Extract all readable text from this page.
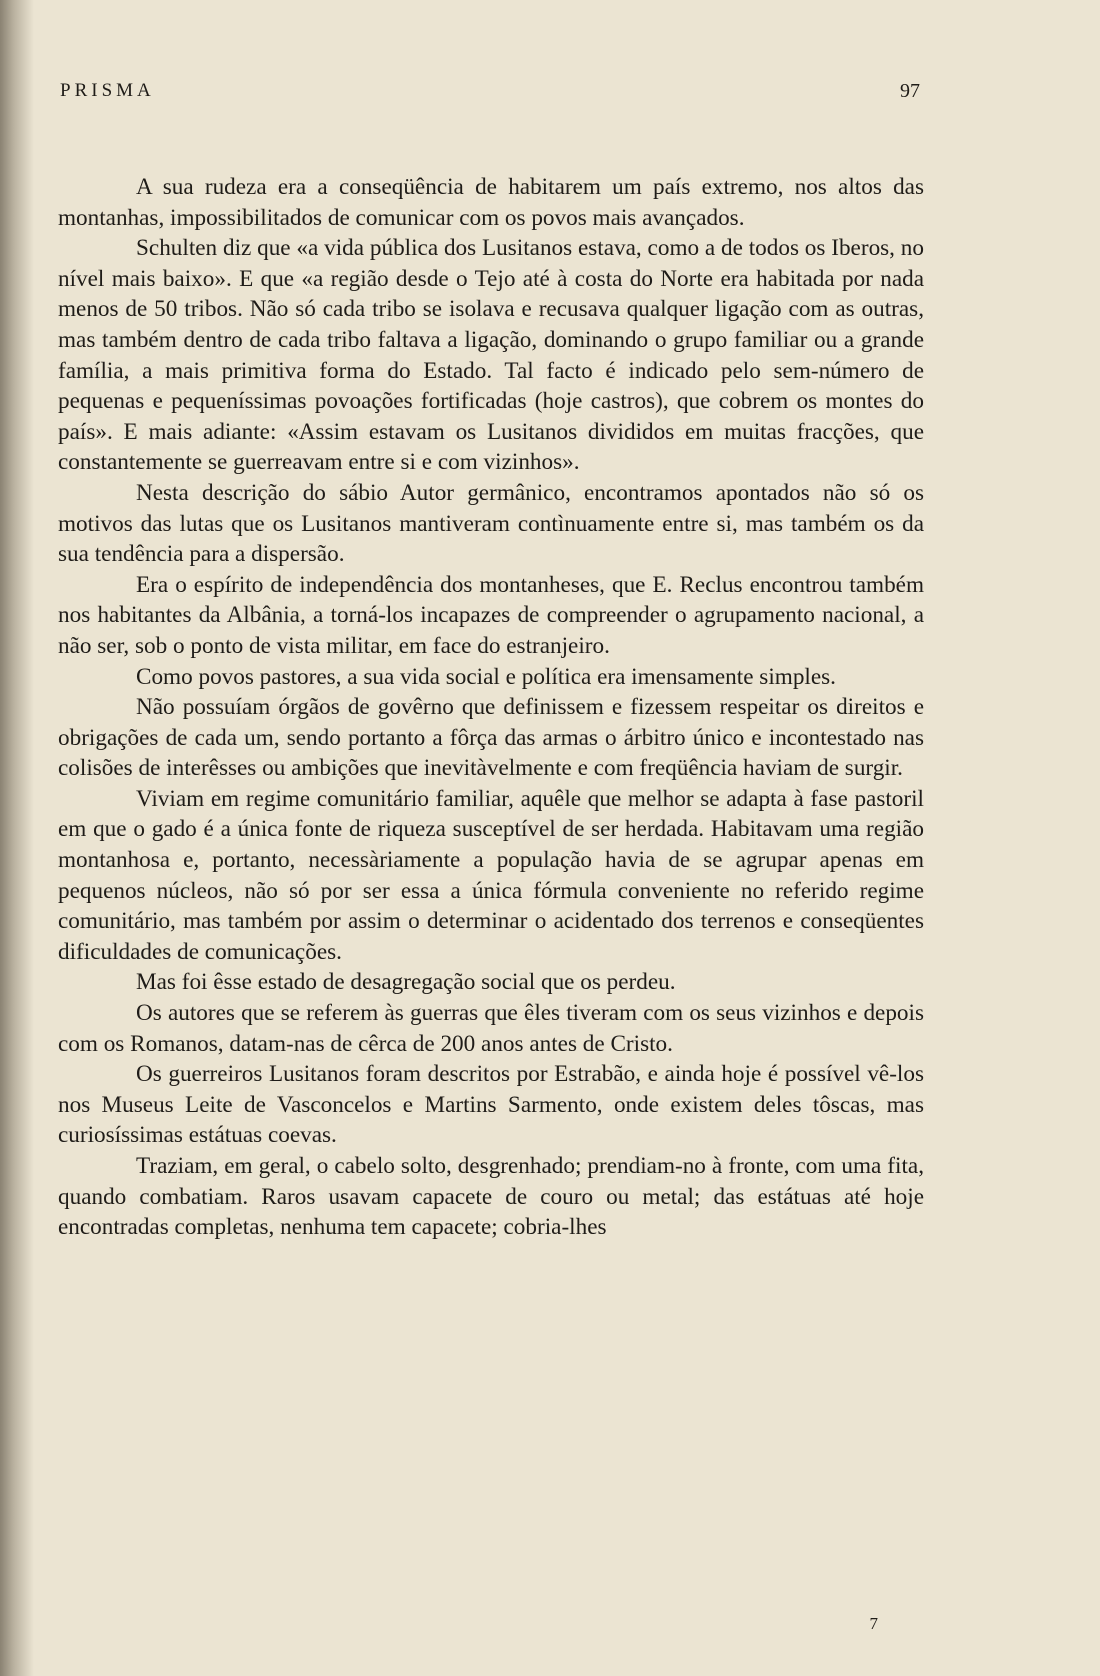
PRISMA	97

A sua rudeza era a conseqüência de habitarem um país extremo, nos altos das montanhas, impossibilitados de comunicar com os povos mais avançados.

Schulten diz que «a vida pública dos Lusitanos estava, como a de todos os Iberos, no nível mais baixo». E que «a região desde o Tejo até à costa do Norte era habitada por nada menos de 50 tribos. Não só cada tribo se isolava e recusava qualquer ligação com as outras, mas também dentro de cada tribo faltava a ligação, dominando o grupo familiar ou a grande família, a mais primitiva forma do Estado. Tal facto é indicado pelo sem-número de pequenas e pequeníssimas povoações fortificadas (hoje castros), que cobrem os montes do país». E mais adiante: «Assim estavam os Lusitanos divididos em muitas fracções, que constantemente se guerreavam entre si e com vizinhos».

Nesta descrição do sábio Autor germânico, encontramos apontados não só os motivos das lutas que os Lusitanos mantiveram contìnuamente entre si, mas também os da sua tendência para a dispersão.

Era o espírito de independência dos montanheses, que E. Reclus encontrou também nos habitantes da Albânia, a torná-los incapazes de compreender o agrupamento nacional, a não ser, sob o ponto de vista militar, em face do estranjeiro.

Como povos pastores, a sua vida social e política era imensamente simples.

Não possuíam órgãos de govêrno que definissem e fizessem respeitar os direitos e obrigações de cada um, sendo portanto a fôrça das armas o árbitro único e incontestado nas colisões de interêsses ou ambições que inevitàvelmente e com freqüência haviam de surgir.

Viviam em regime comunitário familiar, aquêle que melhor se adapta à fase pastoril em que o gado é a única fonte de riqueza susceptível de ser herdada. Habitavam uma região montanhosa e, portanto, necessàriamente a população havia de se agrupar apenas em pequenos núcleos, não só por ser essa a única fórmula conveniente no referido regime comunitário, mas também por assim o determinar o acidentado dos terrenos e conseqüentes dificuldades de comunicações.

Mas foi êsse estado de desagregação social que os perdeu.

Os autores que se referem às guerras que êles tiveram com os seus vizinhos e depois com os Romanos, datam-nas de cêrca de 200 anos antes de Cristo.

Os guerreiros Lusitanos foram descritos por Estrabão, e ainda hoje é possível vê-los nos Museus Leite de Vasconcelos e Martins Sarmento, onde existem deles tôscas, mas curiosíssimas estátuas coevas.

Traziam, em geral, o cabelo solto, desgrenhado; prendiam-no à fronte, com uma fita, quando combatiam. Raros usavam capacete de couro ou metal; das estátuas até hoje encontradas completas, nenhuma tem capacete; cobria-lhes

7
